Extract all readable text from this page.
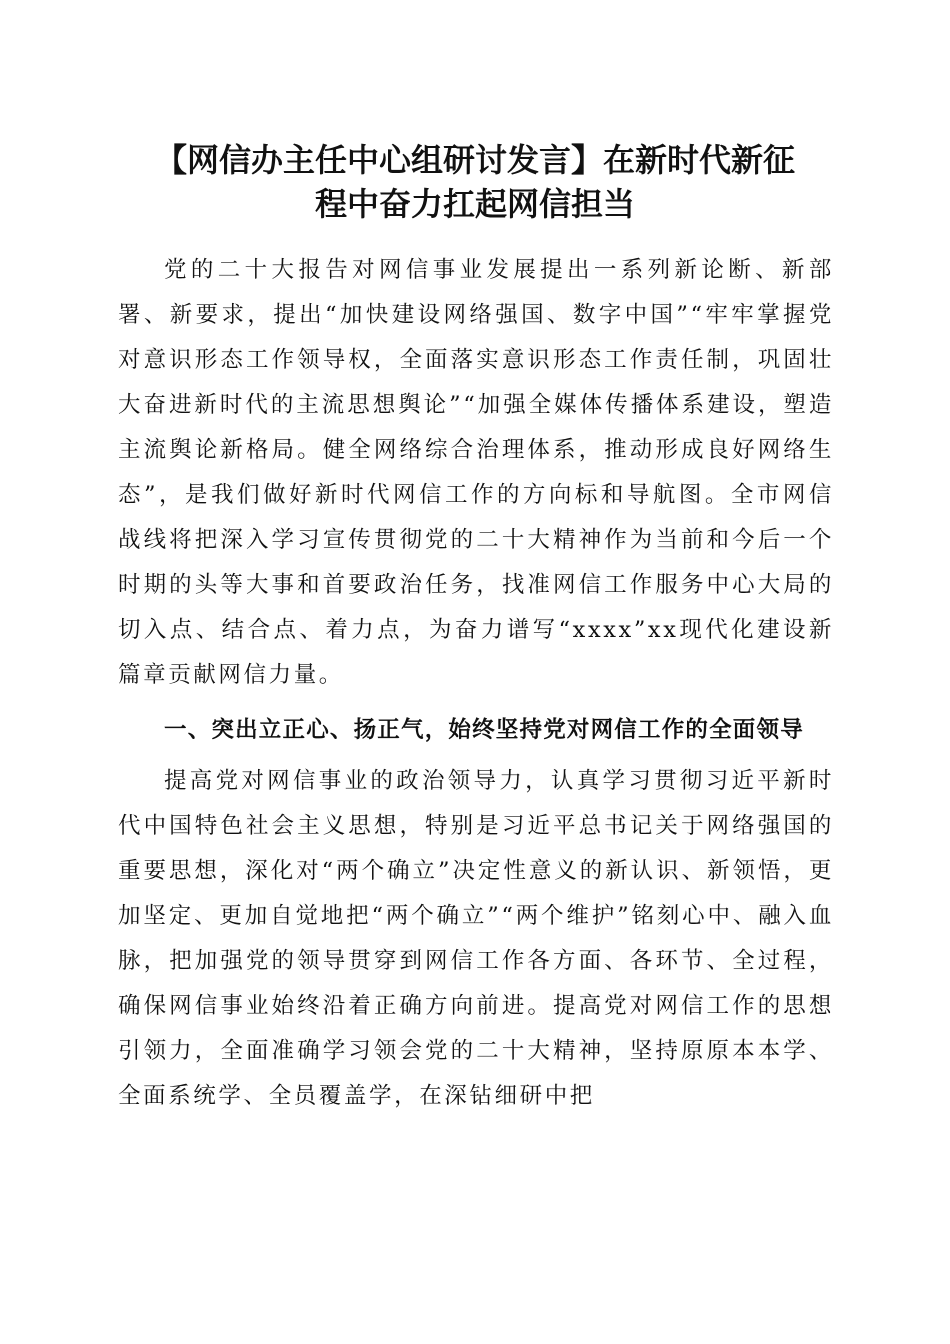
【网信办主任中心组研讨发言】在新时代新征
程中奋力扛起网信担当

党的二十大报告对网信事业发展提出一系列新论断、新部署、新要求，提出“加快建设网络强国、数字中国”“牢牢掌握党对意识形态工作领导权，全面落实意识形态工作责任制，巩固壮大奋进新时代的主流思想舆论”“加强全媒体传播体系建设，塑造主流舆论新格局。健全网络综合治理体系，推动形成良好网络生态”，是我们做好新时代网信工作的方向标和导航图。全市网信战线将把深入学习宣传贯彻党的二十大精神作为当前和今后一个时期的头等大事和首要政治任务，找准网信工作服务中心大局的切入点、结合点、着力点，为奋力谱写“xxxx”xx现代化建设新篇章贡献网信力量。

一、突出立正心、扬正气，始终坚持党对网信工作的全面领导

提高党对网信事业的政治领导力，认真学习贯彻习近平新时代中国特色社会主义思想，特别是习近平总书记关于网络强国的重要思想，深化对“两个确立”决定性意义的新认识、新领悟，更加坚定、更加自觉地把“两个确立”“两个维护”铭刻心中、融入血脉，把加强党的领导贯穿到网信工作各方面、各环节、全过程，确保网信事业始终沿着正确方向前进。提高党对网信工作的思想引领力，全面准确学习领会党的二十大精神，坚持原原本本学、全面系统学、全员覆盖学，在深钻细研中把
